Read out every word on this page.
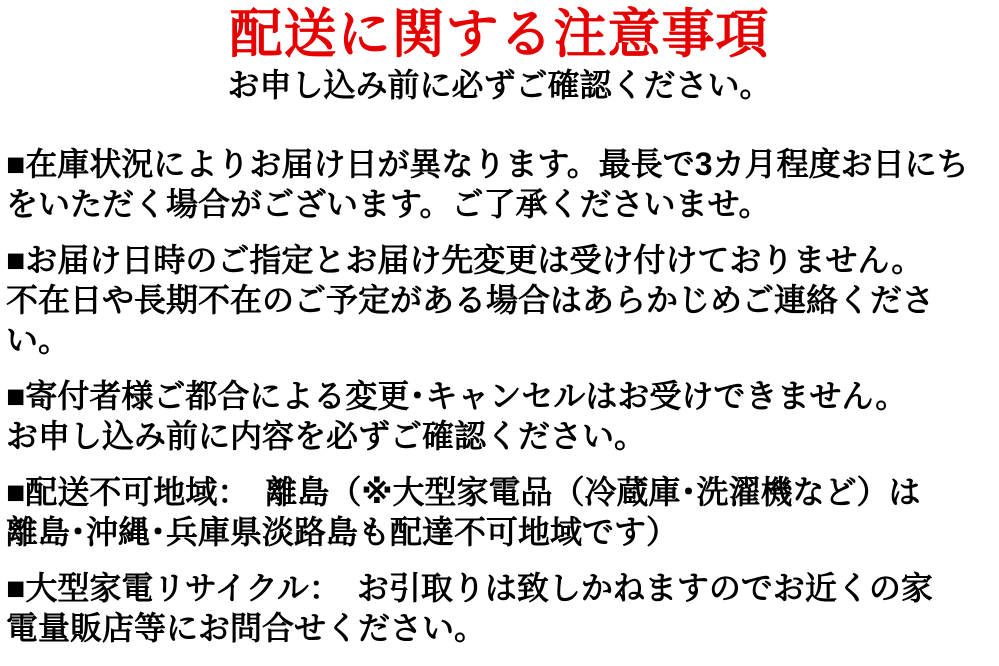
配送に関する注意事項
お申し込み前に必ずご確認ください。
■在庫状況によりお届け日が異なります。最長で3カ月程度お日にち
をいただく場合がございます。ご了承くださいませ。
■お届け日時のご指定とお届け先変更は受け付けておりません。
不在日や長期不在のご予定がある場合はあらかじめご連絡くださ
い。
■寄付者様ご都合による変更･キャンセルはお受けできません。
お申し込み前に内容を必ずご確認ください。
■配送不可地域：　離島（※大型家電品（冷蔵庫･洗濯機など）は
離島･沖縄･兵庫県淡路島も配達不可地域です）
■大型家電リサイクル：　お引取りは致しかねますのでお近くの家
電量販店等にお問合せください。
